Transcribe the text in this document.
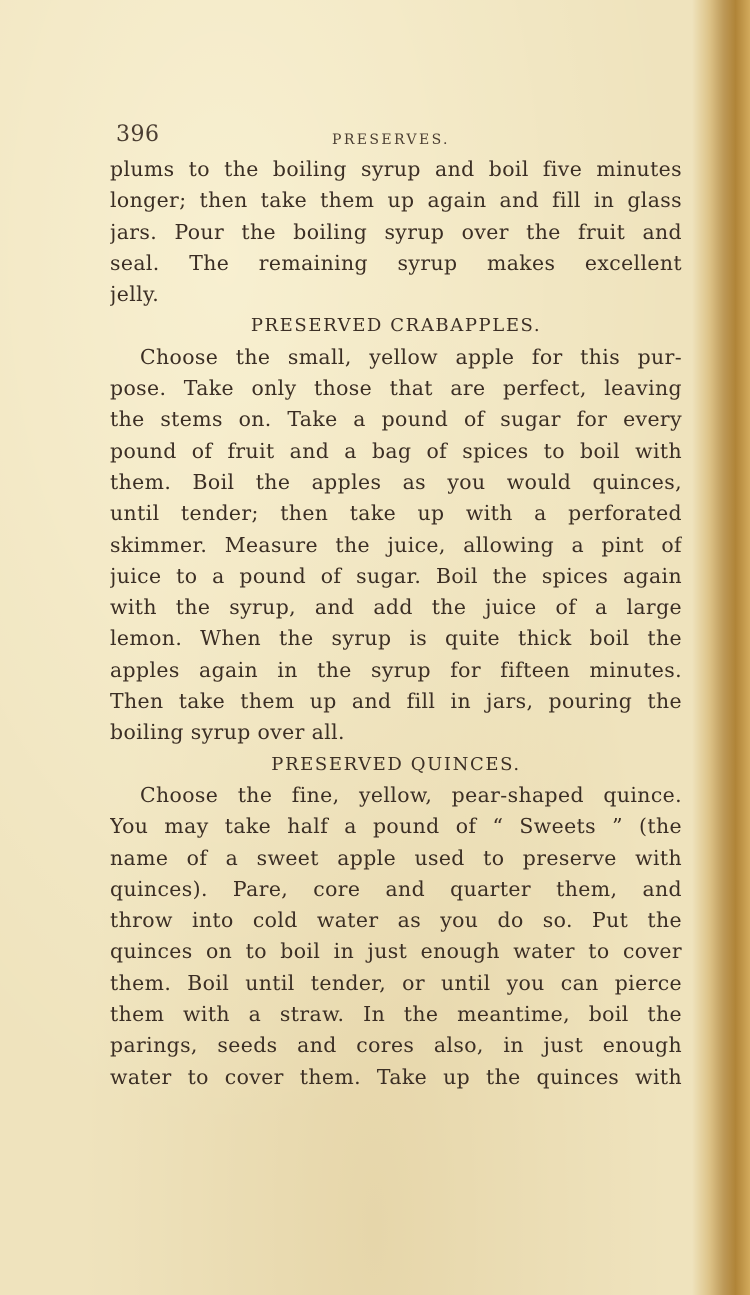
396	PRESERVES.
plums to the boiling syrup and boil five minutes
longer; then take them up again and fill in glass
jars. Pour the boiling syrup over the fruit and
seal. The remaining syrup makes excellent
jelly.
PRESERVED CRABAPPLES.
Choose the small, yellow apple for this pur-
pose. Take only those that are perfect, leaving
the stems on. Take a pound of sugar for every
pound of fruit and a bag of spices to boil with
them. Boil the apples as you would quinces,
until tender; then take up with a perforated
skimmer. Measure the juice, allowing a pint of
juice to a pound of sugar. Boil the spices again
with the syrup, and add the juice of a large
lemon. When the syrup is quite thick boil the
apples again in the syrup for fifteen minutes.
Then take them up and fill in jars, pouring the
boiling syrup over all.
PRESERVED QUINCES.
Choose the fine, yellow, pear-shaped quince.
You may take half a pound of “ Sweets ” (the
name of a sweet apple used to preserve with
quinces). Pare, core and quarter them, and
throw into cold water as you do so. Put the
quinces on to boil in just enough water to cover
them. Boil until tender, or until you can pierce
them with a straw. In the meantime, boil the
parings, seeds and cores also, in just enough
water to cover them. Take up the quinces with
